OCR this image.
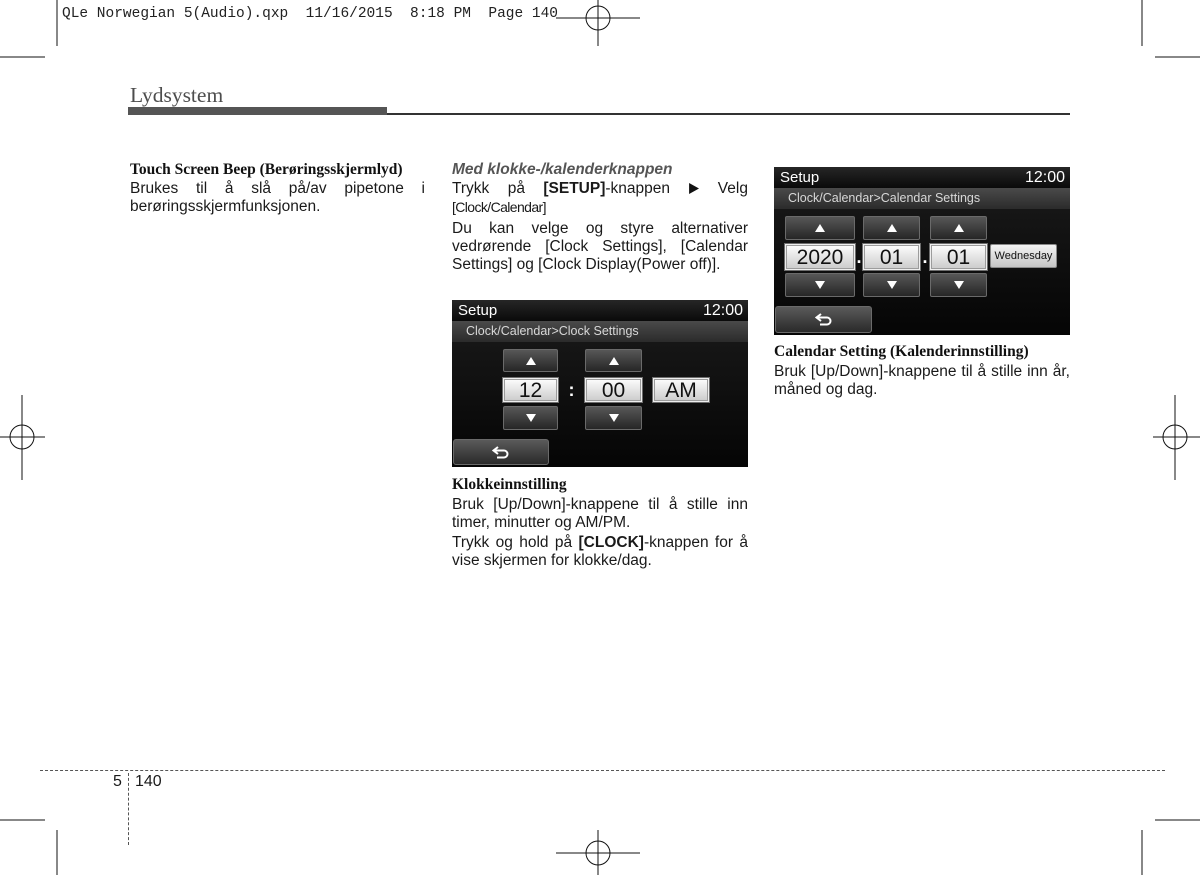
QLe Norwegian 5(Audio).qxp  11/16/2015  8:18 PM  Page 140
Lydsystem

Touch Screen Beep (Berøringsskjermlyd)

Brukes til å slå på/av pipetone i berøringsskjermfunksjonen.

Med klokke-/kalenderknappen

Trykk på [SETUP]-knappen  Velg [Clock/Calendar]

Du kan velge og styre alternativer vedrørende [Clock Settings], [Calendar Settings] og [Clock Display(Power off)].

Setup	12:00
Clock/Calendar>Clock Settings
12	:	00	AM

Klokkeinnstilling

Bruk [Up/Down]-knappene til å stille inn timer, minutter og AM/PM.

Trykk og hold på [CLOCK]-knappen for å vise skjermen for klokke/dag.

Setup	12:00
Clock/Calendar>Calendar Settings
2020 . 01	. 01	Wednesday

Calendar Setting (Kalenderinnstilling)

Bruk [Up/Down]-knappene til å stille inn år, måned og dag.

5 140
